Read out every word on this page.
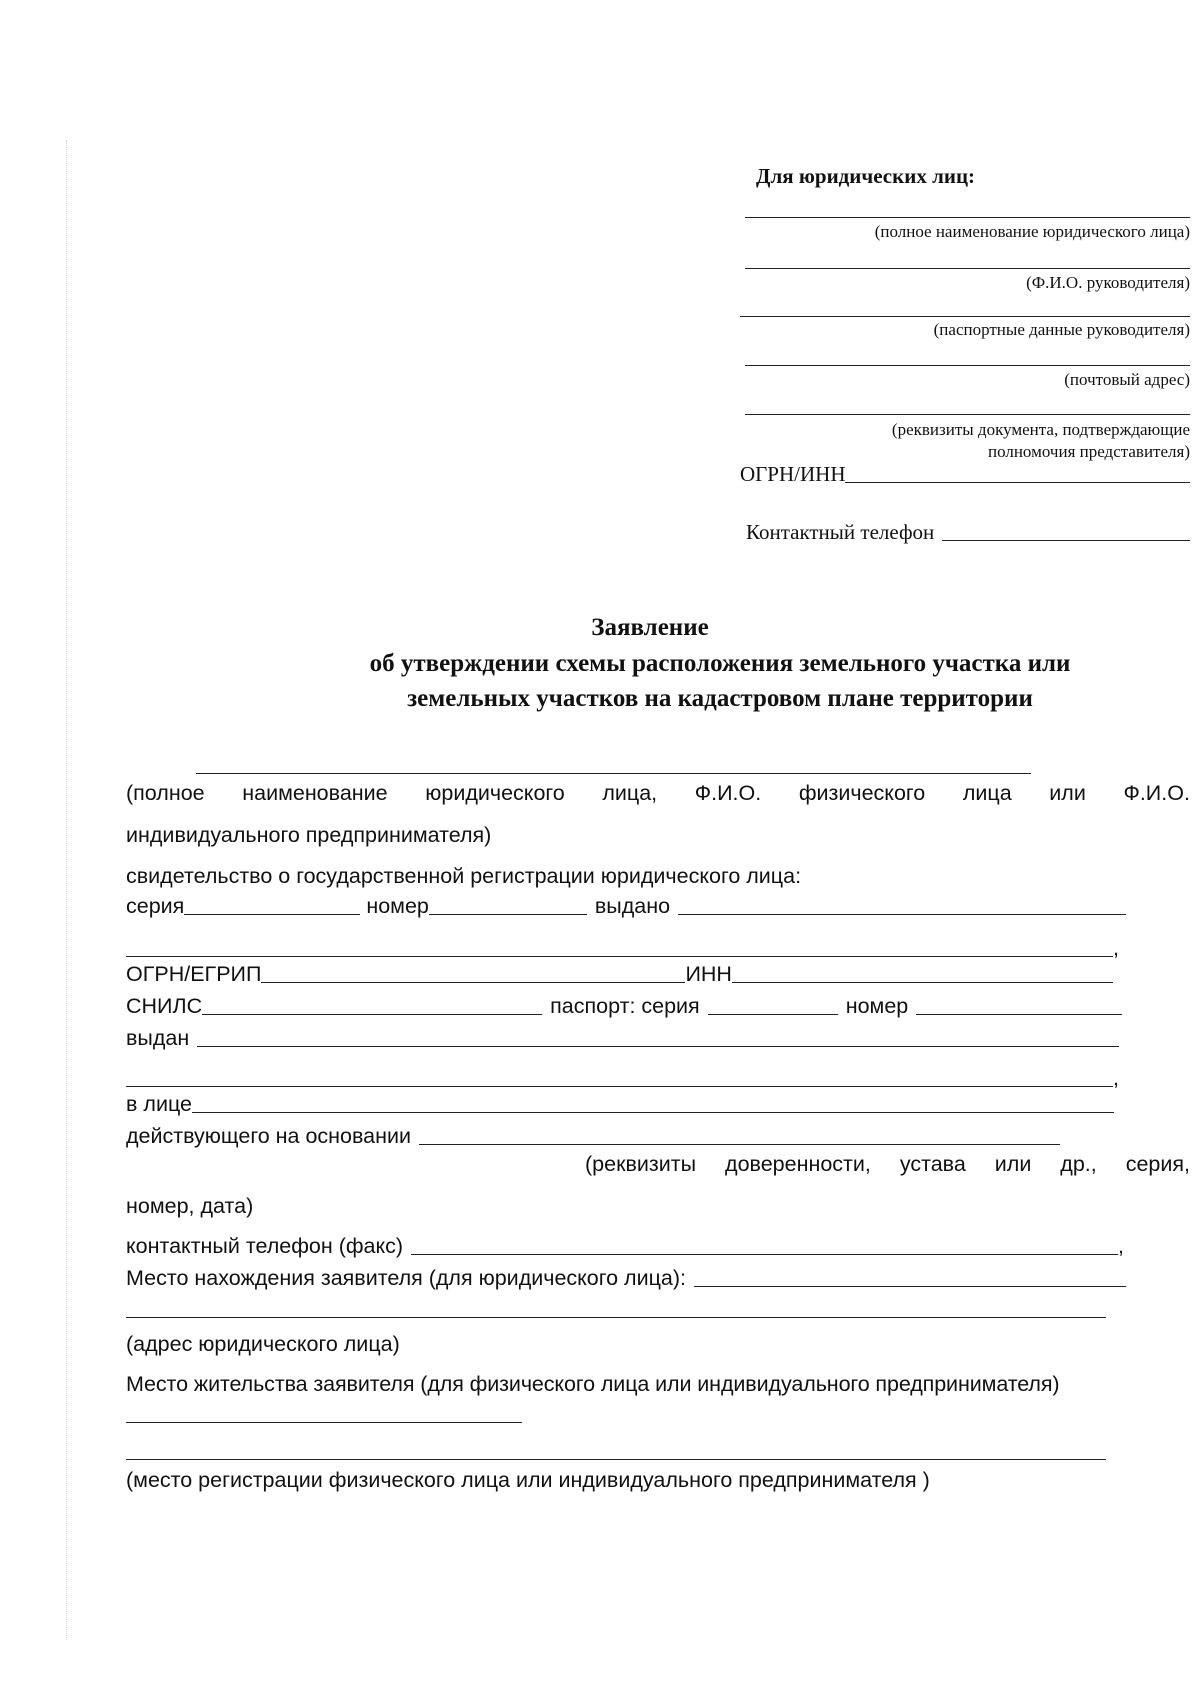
Для юридических лиц:
(полное наименование юридического лица)
(Ф.И.О. руководителя)
(паспортные данные руководителя)
(почтовый адрес)
(реквизиты документа, подтверждающие
полномочия представителя)
ОГРН/ИНН
Контактный телефон
Заявление
об утверждении схемы расположения земельного участка или
земельных участков на кадастровом плане территории
(полное наименование юридического лица, Ф.И.О. физического лица или Ф.И.О.
индивидуального предпринимателя)
свидетельство о государственной регистрации юридического лица:
серия	номер	выдано
,
ОГРН/ЕГРИП	ИНН
СНИЛС	паспорт: серия	номер
выдан
,
в лице
действующего на основании
(реквизиты доверенности, устава или др., серия,
номер, дата)
контактный телефон (факс)	,
Место нахождения заявителя (для юридического лица):
(адрес юридического лица)
Место жительства заявителя (для физического лица или индивидуального предпринимателя)
(место регистрации физического лица или индивидуального предпринимателя )
